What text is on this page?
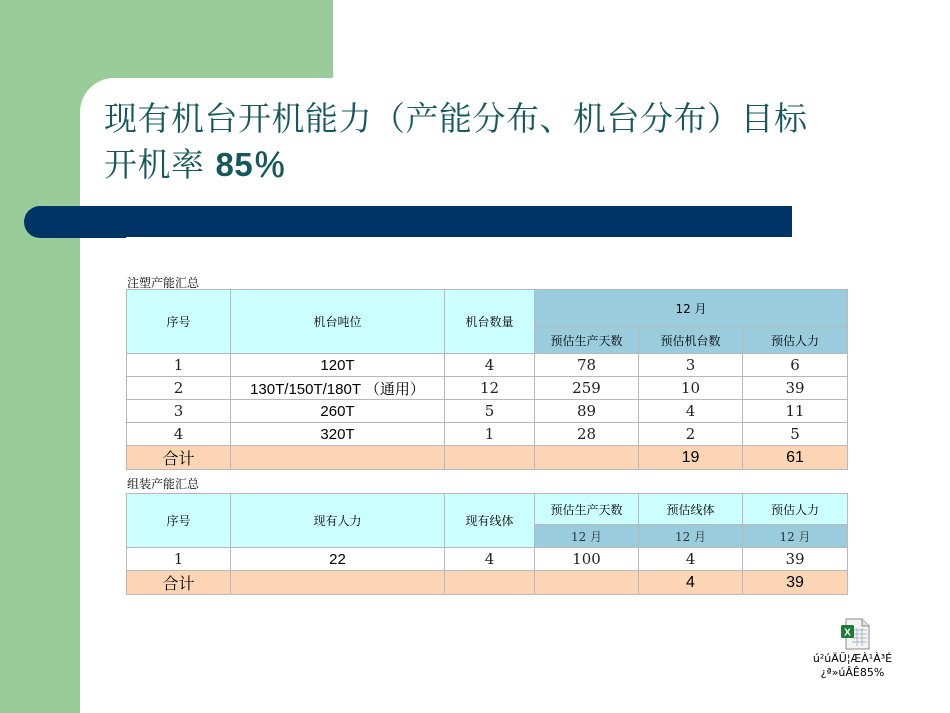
现有机台开机能力（产能分布、机台分布）目标
开机率 85％
注塑产能汇总
序号	机台吨位	机台数量	12 月		
			预估生产天数	预估机台数	预估人力
1	120T	4	78	3	6
2	130T/150T/180T （通用）	12	259	10	39
3	260T	5	89	4	11
4	320T	1	28	2	5
合计				19	61
组装产能汇总
序号	现有人力	现有线体	预估生产天数	预估线体	预估人力
			12 月	12 月	12 月
1	22	4	100	4	39
合计				4	39
X
ú²úÄÜ¦ÆÀ¹À³É
¿ª»úÂÊ85%
